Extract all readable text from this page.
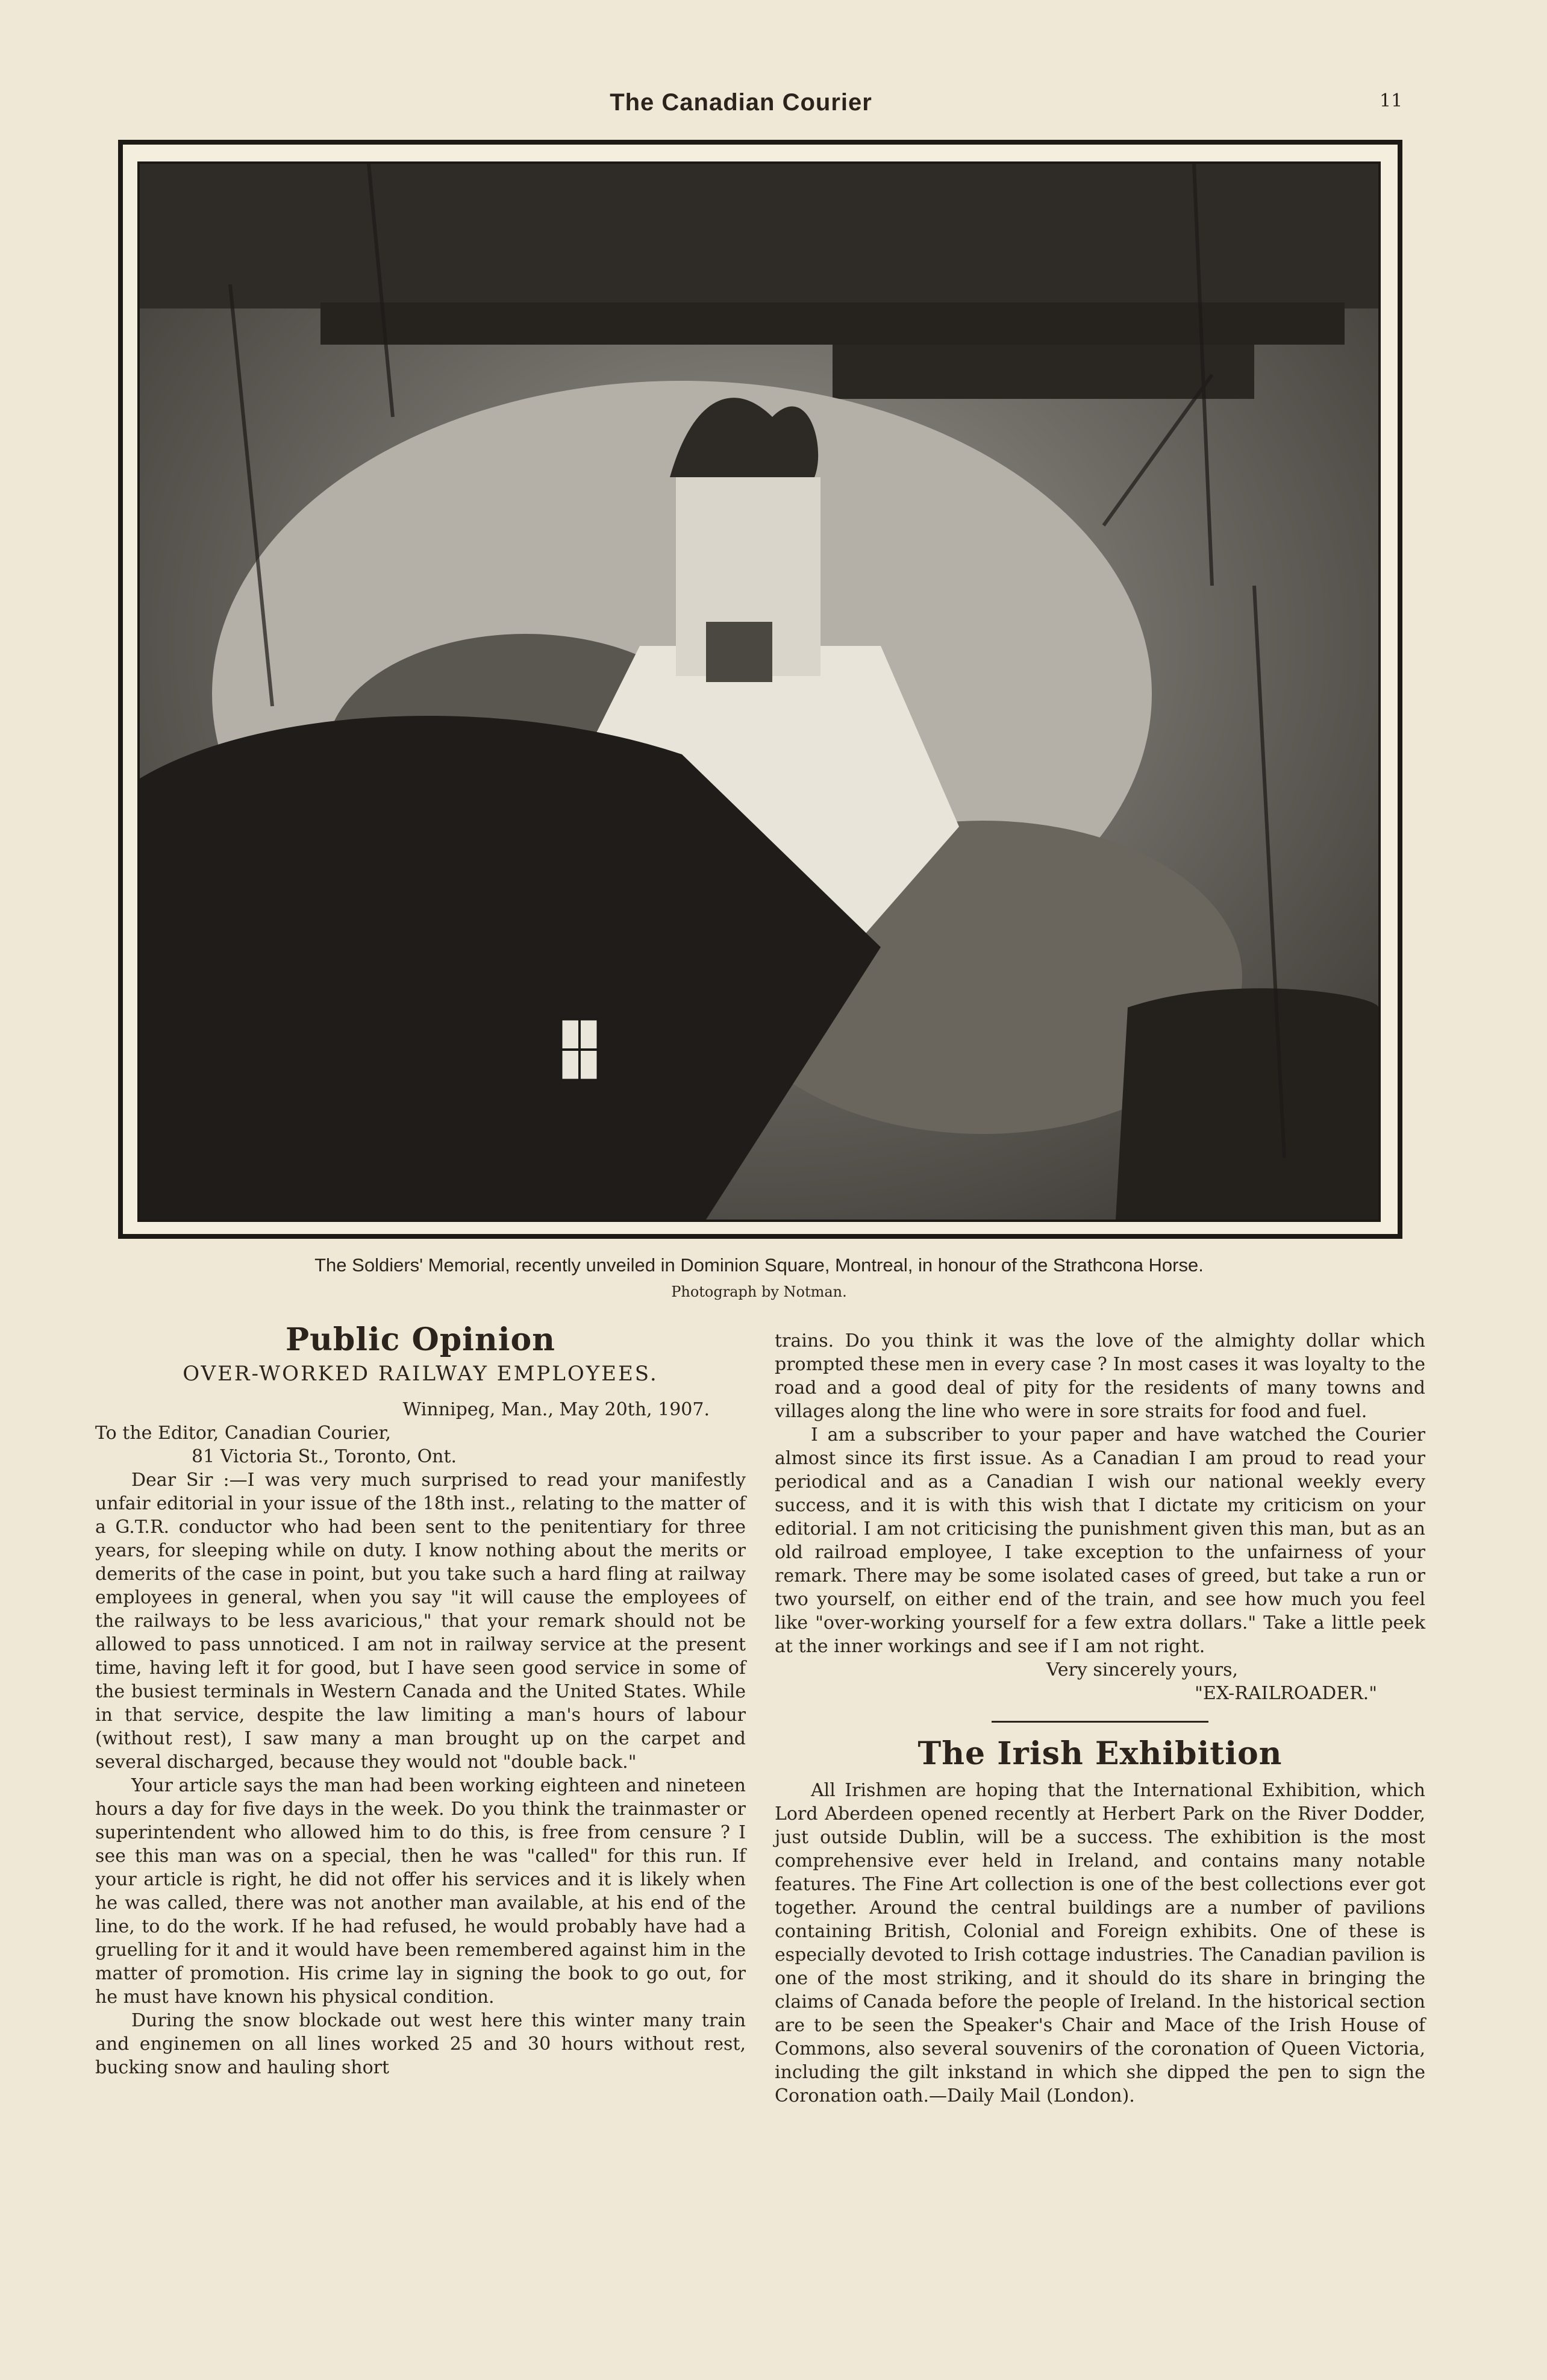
The Canadian Courier	11
The Soldiers' Memorial, recently unveiled in Dominion Square, Montreal, in honour of the Strathcona Horse.
Photograph by Notman.
Public Opinion
OVER-WORKED RAILWAY EMPLOYEES.

Winnipeg, Man., May 20th, 1907.

To the Editor, Canadian Courier,

81 Victoria St., Toronto, Ont.

Dear Sir :—I was very much surprised to read your manifestly unfair editorial in your issue of the 18th inst., relating to the matter of a G.T.R. conductor who had been sent to the penitentiary for three years, for sleeping while on duty. I know nothing about the merits or demerits of the case in point, but you take such a hard fling at railway employees in general, when you say "it will cause the employees of the railways to be less avaricious," that your remark should not be allowed to pass unnoticed. I am not in railway service at the present time, having left it for good, but I have seen good service in some of the busiest terminals in Western Canada and the United States. While in that service, despite the law limiting a man's hours of labour (without rest), I saw many a man brought up on the carpet and several discharged, because they would not "double back."

Your article says the man had been working eighteen and nineteen hours a day for five days in the week. Do you think the trainmaster or superintendent who allowed him to do this, is free from censure ? I see this man was on a special, then he was "called" for this run. If your article is right, he did not offer his services and it is likely when he was called, there was not another man available, at his end of the line, to do the work. If he had refused, he would probably have had a gruelling for it and it would have been remembered against him in the matter of promotion. His crime lay in signing the book to go out, for he must have known his physical condition.

During the snow blockade out west here this winter many train and enginemen on all lines worked 25 and 30 hours without rest, bucking snow and hauling short

trains. Do you think it was the love of the almighty dollar which prompted these men in every case ? In most cases it was loyalty to the road and a good deal of pity for the residents of many towns and villages along the line who were in sore straits for food and fuel.

I am a subscriber to your paper and have watched the Courier almost since its first issue. As a Canadian I am proud to read your periodical and as a Canadian I wish our national weekly every success, and it is with this wish that I dictate my criticism on your editorial. I am not criticising the punishment given this man, but as an old railroad employee, I take exception to the unfairness of your remark. There may be some isolated cases of greed, but take a run or two yourself, on either end of the train, and see how much you feel like "over-working yourself for a few extra dollars." Take a little peek at the inner workings and see if I am not right.

Very sincerely yours,

"EX-RAILROADER."

The Irish Exhibition

All Irishmen are hoping that the International Exhibition, which Lord Aberdeen opened recently at Herbert Park on the River Dodder, just outside Dublin, will be a success. The exhibition is the most comprehensive ever held in Ireland, and contains many notable features. The Fine Art collection is one of the best collections ever got together. Around the central buildings are a number of pavilions containing British, Colonial and Foreign exhibits. One of these is especially devoted to Irish cottage industries. The Canadian pavilion is one of the most striking, and it should do its share in bringing the claims of Canada before the people of Ireland. In the historical section are to be seen the Speaker's Chair and Mace of the Irish House of Commons, also several souvenirs of the coronation of Queen Victoria, including the gilt inkstand in which she dipped the pen to sign the Coronation oath.—Daily Mail (London).
